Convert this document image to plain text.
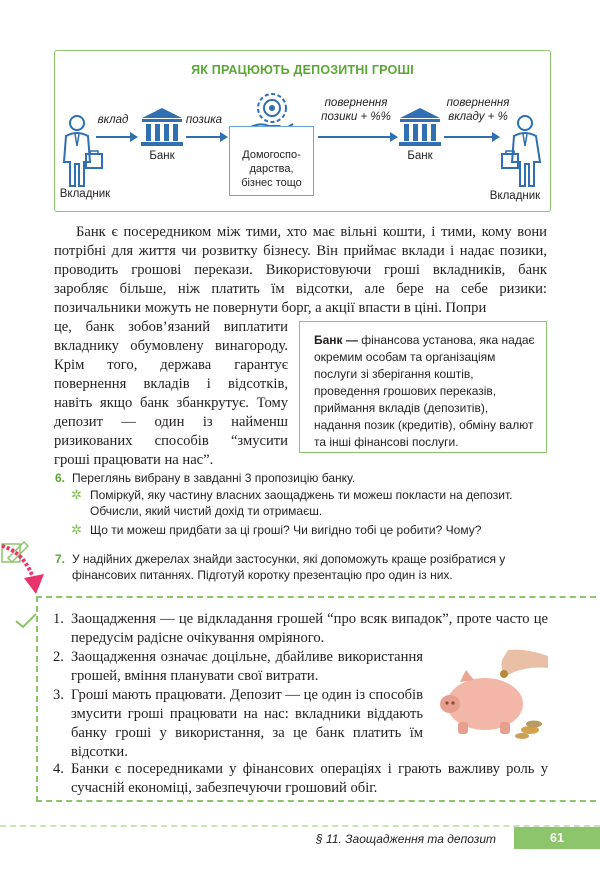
ЯК ПРАЦЮЮТЬ ДЕПОЗИТНІ ГРОШІ
Вкладник
вклад
Банк
позика
Домогоспо-
дарства,
бізнес тощо
повернення
позики + %%
Банк
повернення
вкладу + %
Вкладник
Банк є посередником між тими, хто має вільні кошти, і тими, кому вони потрібні для життя чи розвитку бізнесу. Він приймає вклади і надає позики, проводить грошові перекази. Використовуючи гроші вкладників, банк заробляє більше, ніж платить їм відсотки, але бере на себе ризики: позичальники можуть не повернути борг, а акції впасти в ціні. Попри
це, банк зобов’язаний виплатити вкладнику обумовлену винагороду. Крім того, держава гарантує повернення вкладів і відсотків, навіть якщо банк збанкрутує. Тому депозит — один із найменш ризикованих способів “змусити гроші працювати на нас”.
Банк — фінансова установа, яка надає окремим особам та організаціям послуги зі зберігання коштів, проведення грошових переказів, приймання вкладів (депозитів), надання позик (кредитів), обміну валют та інші фінансові послуги.
6. Переглянь вибрану в завданні 3 пропозицію банку.
✲ Поміркуй, яку частину власних заощаджень ти можеш покласти на депозит. Обчисли, який чистий дохід ти отримаєш.
✲ Що ти можеш придбати за ці гроші? Чи вигідно тобі це робити? Чому?
7. У надійних джерелах знайди застосунки, які допоможуть краще розібратися у фінансових питаннях. Підготуй коротку презентацію про один із них.
1. Заощадження — це відкладання грошей “про всяк випадок”, проте часто це передусім радісне очікування омріяного.
2. Заощадження означає доцільне, дбайливе використання грошей, вміння планувати свої витрати.
3. Гроші мають працювати. Депозит — це один із способів змусити гроші працювати на нас: вкладники віддають банку гроші у використання, за це банк платить їм відсотки.
4. Банки є посередниками у фінансових операціях і грають важливу роль у сучасній економіці, забезпечуючи грошовий обіг.
§ 11. Заощадження та депозит	61
